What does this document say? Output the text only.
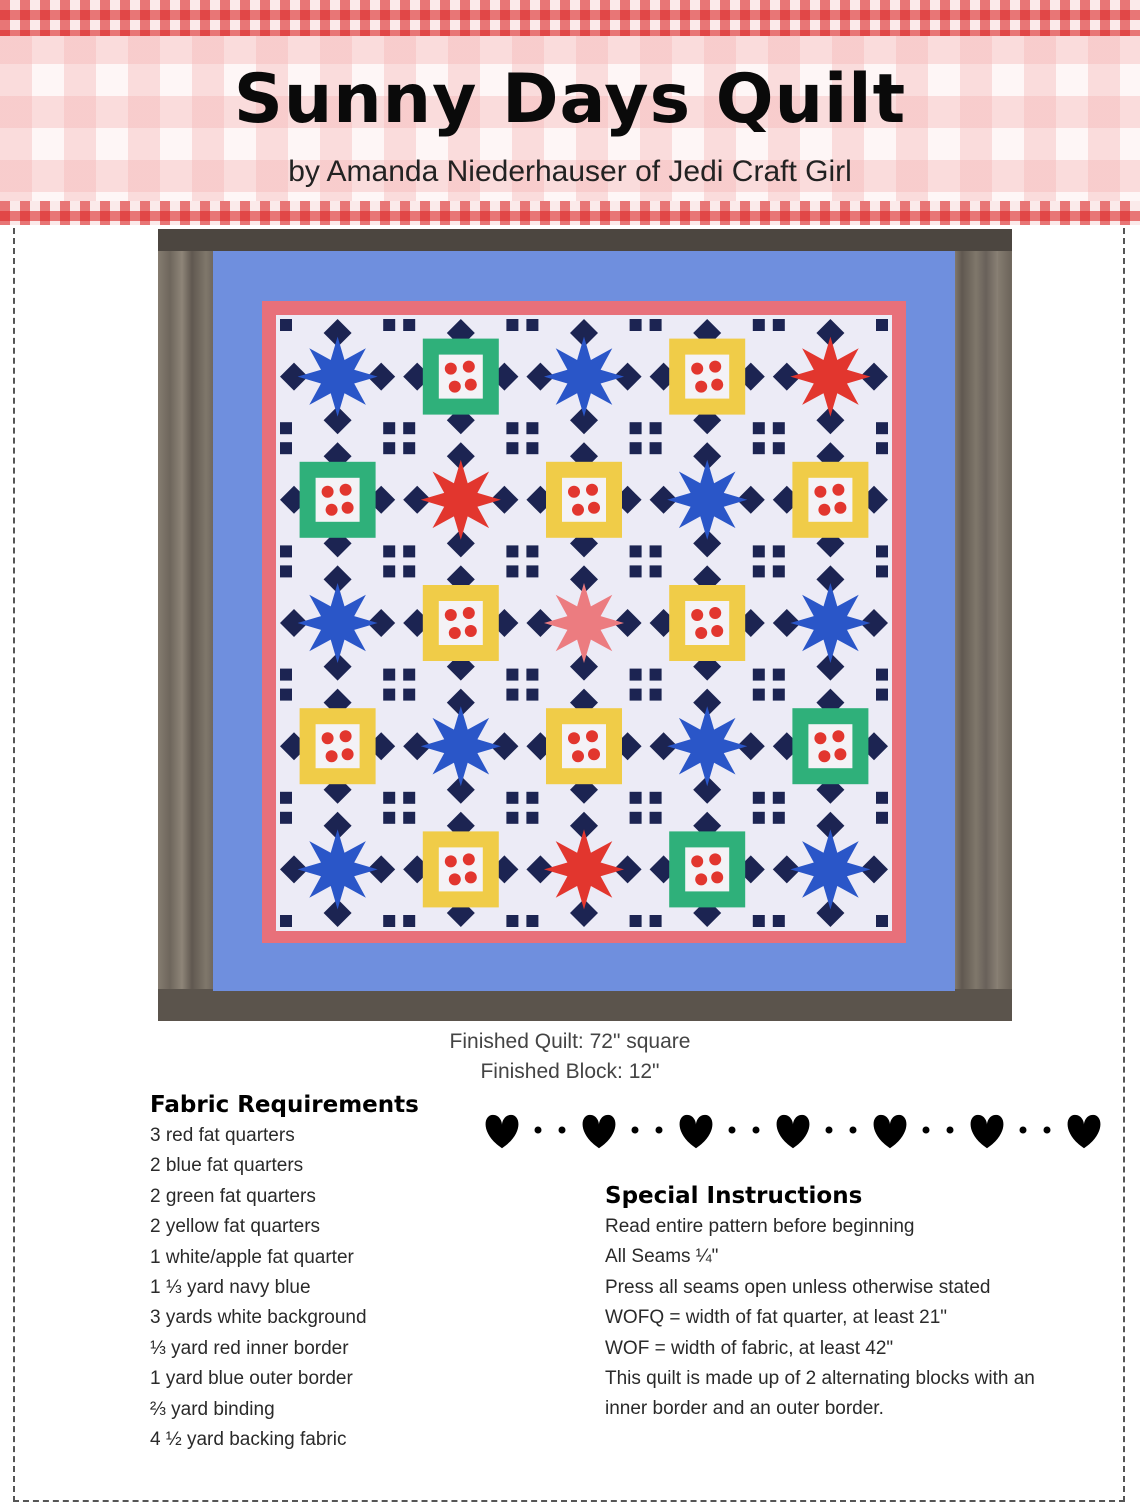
Sunny Days Quilt
by Amanda Niederhauser of Jedi Craft Girl
Finished Quilt: 72" square
Finished Block: 12"
Fabric Requirements
3 red fat quarters
2 blue fat quarters
2 green fat quarters
2 yellow fat quarters
1 white/apple fat quarter
1 ⅓ yard navy blue
3 yards white background
⅓ yard red inner border
1 yard blue outer border
⅔ yard binding
4 ½ yard backing fabric
Special Instructions
Read entire pattern before beginning
All Seams ¼"
Press all seams open unless otherwise stated
WOFQ = width of fat quarter, at least 21"
WOF = width of fabric, at least 42"
This quilt is made up of 2 alternating blocks with an
inner border and an outer border.
